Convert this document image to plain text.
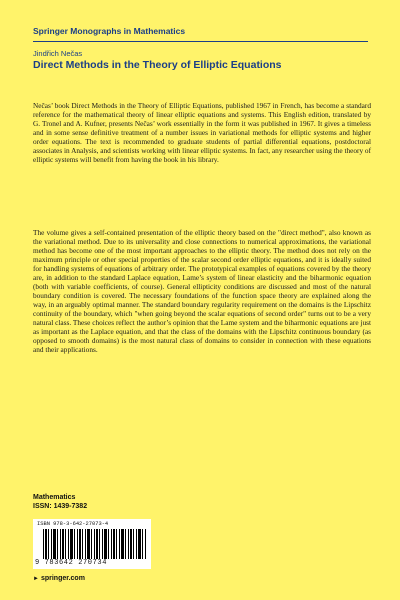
Springer Monographs in Mathematics
Jindřich Nečas
Direct Methods in the Theory of Elliptic Equations

Nečas’ book Direct Methods in the Theory of Elliptic Equations, published 1967 in French, has become a standard reference for the mathematical theory of linear elliptic equations and systems. This English edition, translated by G. Tronel and A. Kufner, presents Nečas’ work essentially in the form it was published in 1967. It gives a timeless and in some sense definitive treatment of a number issues in variational methods for elliptic systems and higher order equations. The text is recommended to graduate students of partial differential equations, postdoctoral associates in Analysis, and scientists working with linear elliptic systems. In fact, any researcher using the theory of elliptic systems will benefit from having the book in his library.

The volume gives a self-contained presentation of the elliptic theory based on the "direct method", also known as the variational method. Due to its universality and close connections to numerical approximations, the variational method has become one of the most important approaches to the elliptic theory. The method does not rely on the maximum principle or other special properties of the scalar second order elliptic equations, and it is ideally suited for handling systems of equations of arbitrary order. The prototypical examples of equations covered by the theory are, in addition to the standard Laplace equation, Lame’s system of linear elasticity and the biharmonic equation (both with variable coefficients, of course). General ellipticity conditions are discussed and most of the natural boundary condition is covered. The necessary foundations of the function space theory are explained along the way, in an arguably optimal manner. The standard boundary regularity requirement on the domains is the Lipschitz continuity of the boundary, which "when going beyond the scalar equations of second order" turns out to be a very natural class. These choices reflect the author’s opinion that the Lame system and the biharmonic equations are just as important as the Laplace equation, and that the class of the domains with the Lipschitz continuous boundary (as opposed to smooth domains) is the most natural class of domains to consider in connection with these equations and their applications.

Mathematics
ISSN: 1439-7382
ISBN 978-3-642-27073-4
9 783642 270734
► springer.com
